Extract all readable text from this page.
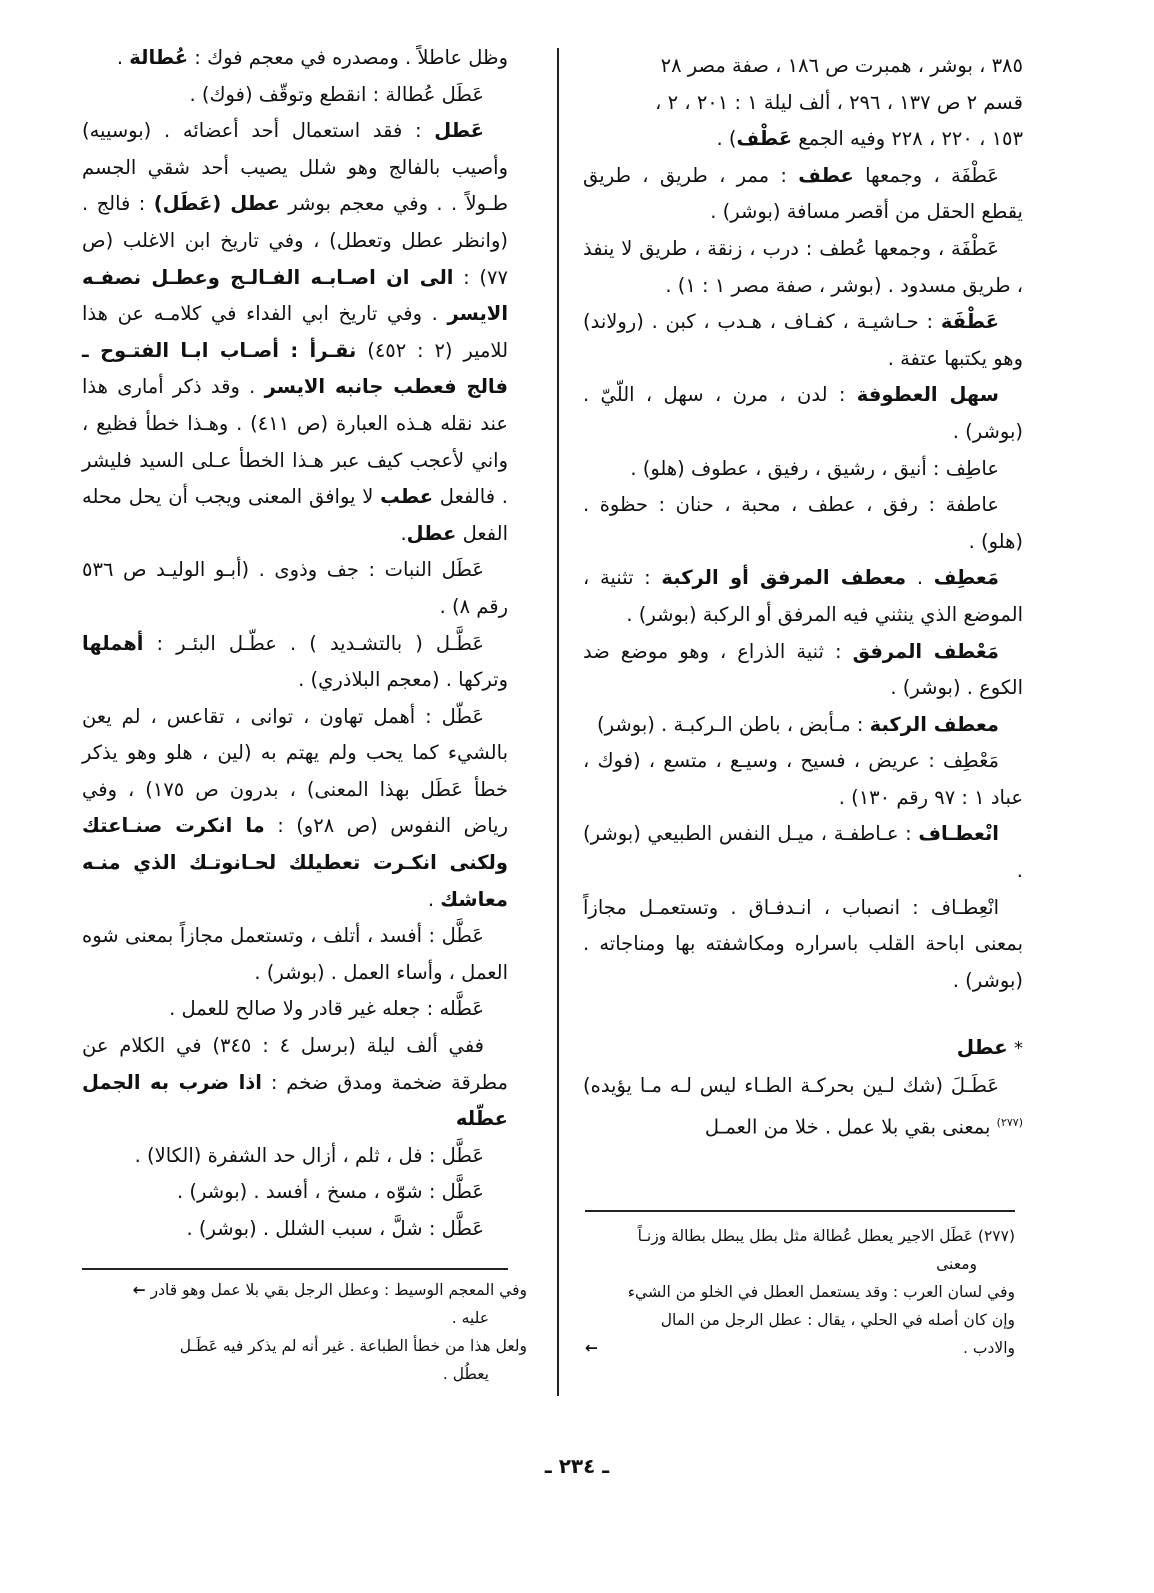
٣٨٥ ، بوشر ، همبرت ص ١٨٦ ، صفة مصر ٢٨

قسم ٢ ص ١٣٧ ، ٢٩٦ ، ألف ليلة ١ : ٢٠١ ، ٢ ،

١٥٣ ، ٢٢٠ ، ٢٢٨ وفيه الجمع عَطْف) .

عَطْفَة ، وجمعها عطف : ممر ، طريق ، طريق يقطع الحقل من أقصر مسافة (بوشر) .

عَطْفَة ، وجمعها عُطف : درب ، زنقة ، طريق لا ينفذ ، طريق مسدود . (بوشر ، صفة مصر ١ : ١) .

عَطْفَة : حـاشيـة ، كفـاف ، هـدب ، كبن . (رولاند) وهو يكتبها عتفة .

سهل العطوفة : لدن ، مرن ، سهل ، اللّيّ . (بوشر) .

عاطِف : أنيق ، رشيق ، رفيق ، عطوف (هلو) .

عاطفة : رفق ، عطف ، محبة ، حنان : حظوة . (هلو) .

مَعطِف . معطف المرفق أو الركبة : تثنية ، الموضع الذي ينثني فيه المرفق أو الركبة (بوشر) .

مَعْطف المرفق : ثنية الذراع ، وهو موضع ضد الكوع . (بوشر) .

معطف الركبة : مـأبض ، باطن الـركبـة . (بوشر)

مَعْطِف : عريض ، فسيح ، وسيـع ، متسع ، (فوك ، عباد ١ : ٩٧ رقم ١٣٠) .

انْعطـاف : عـاطفـة ، ميـل النفس الطبيعي (بوشر) .

انْعِطـاف : انصباب ، انـدفـاق . وتستعمـل مجازاً بمعنى اباحة القلب باسراره ومكاشفته بها ومناجاته . (بوشر) .

* عطل

عَطَـلَ (شك لـين بحركـة الطـاء ليس لـه مـا يؤيده)$^{(٢٧٧)}$ بمعنى بقي بلا عمل . خلا من العمـل

وظل عاطلاً . ومصدره في معجم فوك : عُطالة .

عَطَل عُطالة : انقطع وتوقّف (فوك) .

عَطل : فقد استعمال أحد أعضائه . (بوسييه) وأصيب بالفالج وهو شلل يصيب أحد شقي الجسم طـولاً . . وفي معجم بوشر عطل (عَطَل) : فالج . (وانظر عطل وتعطل) ، وفي تاريخ ابن الاغلب (ص ٧٧) : الى ان اصـابـه الفـالـج وعطـل نصفـه الايسر . وفي تاريخ ابي الفداء في كلامـه عن هذا للامير (٢ : ٤٥٢) نقـرأ : أصـاب ابـا الفتـوح ـ فالج فعطب جانبه الايسر . وقد ذكر أمارى هذا عند نقله هـذه العبارة (ص ٤١١) . وهـذا خطأ فظيع ، واني لأعجب كيف عبر هـذا الخطأ عـلى السيد فليشر . فالفعل عطب لا يوافق المعنى ويجب أن يحل محله الفعل عطل.

عَطَل النبات : جف وذوى . (أبـو الوليـد ص ٥٣٦ رقم ٨) .

عَطَّـل ( بالتشـديد ) . عطّـل البئـر : أهملها وتركها . (معجم البلاذري) .

عَطّل : أهمل تهاون ، توانى ، تقاعس ، لم يعن بالشيء كما يحب ولم يهتم به (لين ، هلو وهو يذكر خطأ عَطَل بهذا المعنى) ، بدرون ص ١٧٥) ، وفي رياض النفوس (ص ٢٨و) : ما انكرت صنـاعتك ولكنى انكـرت تعطيلك لحـانوتـك الذي منـه معاشك .

عَطَّل : أفسد ، أتلف ، وتستعمل مجازاً بمعنى شوه العمل ، وأساء العمل . (بوشر) .

عَطَّله : جعله غير قادر ولا صالح للعمل .

ففي ألف ليلة (برسل ٤ : ٣٤٥) في الكلام عن مطرقة ضخمة ومدق ضخم : اذا ضرب به الجمل عطّله

عَطَّل : فل ، ثلم ، أزال حد الشفرة (الكالا) .

عَطَّل : شوّه ، مسخ ، أفسد . (بوشر) .

عَطَّل : شلَّ ، سبب الشلل . (بوشر) .

وفي المعجم الوسيط : وعطل الرجل بقي بلا عمل وهو قادر ←

عليه .

ولعل هذا من خطأ الطباعة . غير أنه لم يذكر فيه عَطَـل

يعطُل .

(٢٧٧) عَطَل الاجير يعطل عُطالة مثل بطل يبطل بطالة وزنـاً

ومعنى

وفي لسان العرب : وقد يستعمل العطل في الخلو من الشيء

وإن كان أصله في الحلي ، يقال : عطل الرجل من المال

والادب .
←

ـ ٢٣٤ ـ
